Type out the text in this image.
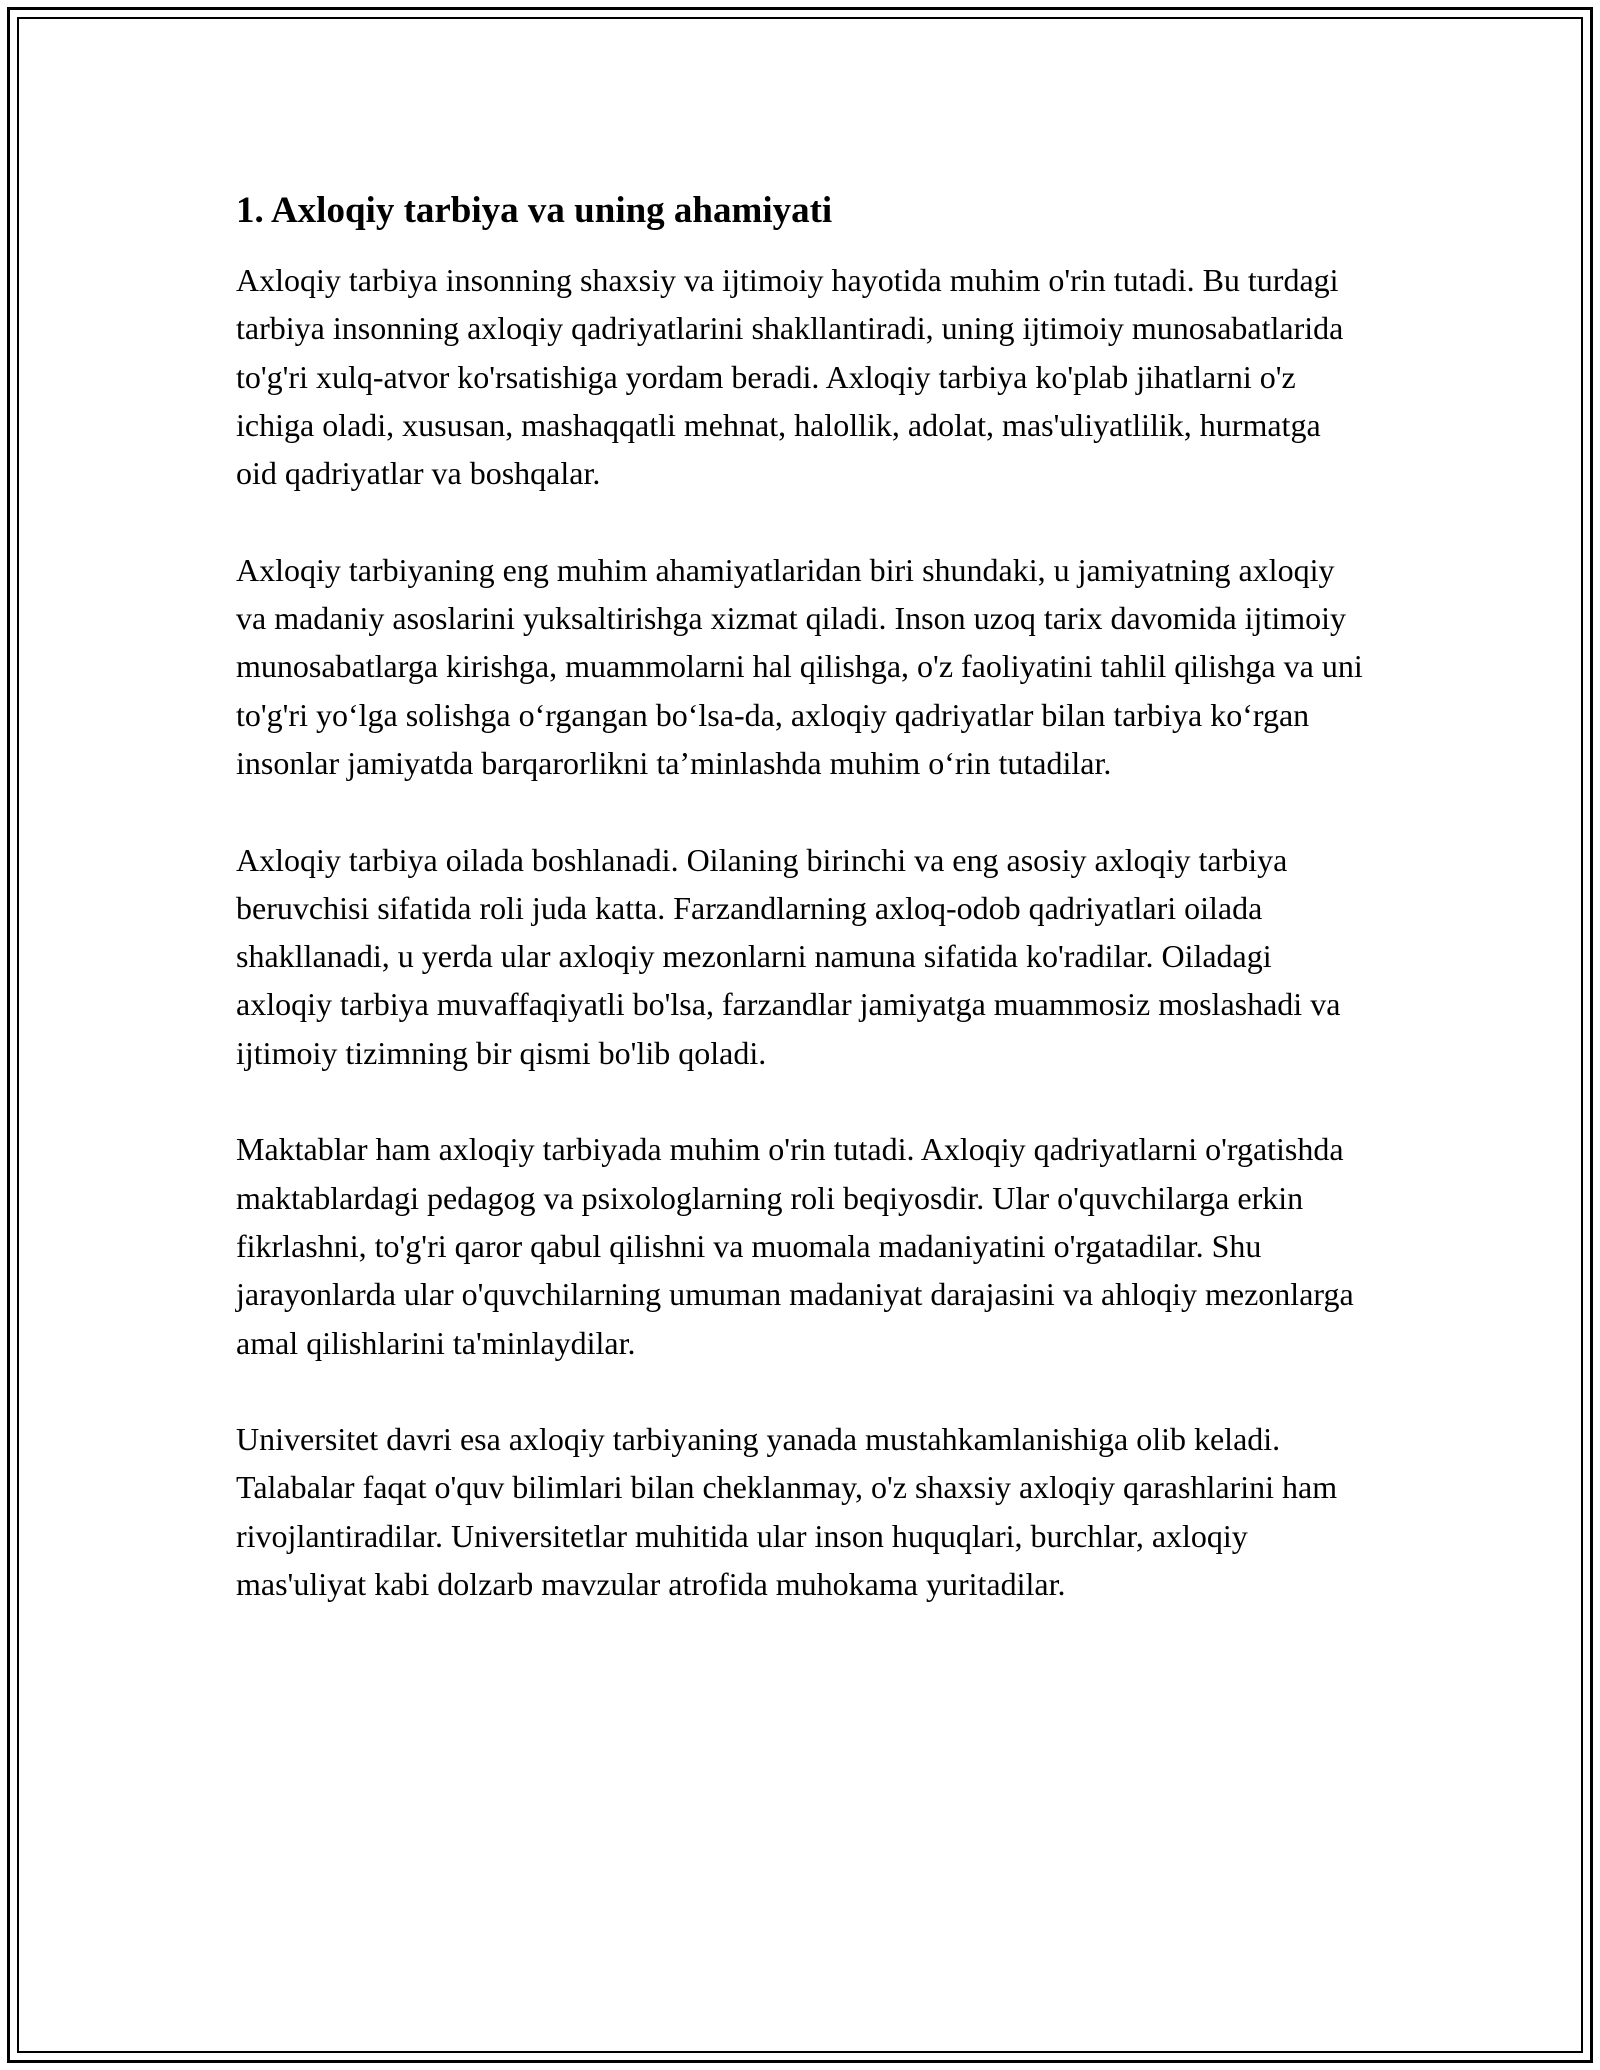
1. Axloqiy tarbiya va uning ahamiyati

Axloqiy tarbiya insonning shaxsiy va ijtimoiy hayotida muhim o'rin tutadi. Bu turdagi tarbiya insonning axloqiy qadriyatlarini shakllantiradi, uning ijtimoiy munosabatlarida to'g'ri xulq-atvor ko'rsatishiga yordam beradi. Axloqiy tarbiya ko'plab jihatlarni o'z ichiga oladi, xususan, mashaqqatli mehnat, halollik, adolat, mas'uliyatlilik, hurmatga oid qadriyatlar va boshqalar.

Axloqiy tarbiyaning eng muhim ahamiyatlaridan biri shundaki, u jamiyatning axloqiy va madaniy asoslarini yuksaltirishga xizmat qiladi. Inson uzoq tarix davomida ijtimoiy munosabatlarga kirishga, muammolarni hal qilishga, o'z faoliyatini tahlil qilishga va uni to'g'ri yo‘lga solishga o‘rgangan bo‘lsa-da, axloqiy qadriyatlar bilan tarbiya ko‘rgan insonlar jamiyatda barqarorlikni ta’minlashda muhim o‘rin tutadilar.

Axloqiy tarbiya oilada boshlanadi. Oilaning birinchi va eng asosiy axloqiy tarbiya beruvchisi sifatida roli juda katta. Farzandlarning axloq-odob qadriyatlari oilada shakllanadi, u yerda ular axloqiy mezonlarni namuna sifatida ko'radilar. Oiladagi axloqiy tarbiya muvaffaqiyatli bo'lsa, farzandlar jamiyatga muammosiz moslashadi va ijtimoiy tizimning bir qismi bo'lib qoladi.

Maktablar ham axloqiy tarbiyada muhim o'rin tutadi. Axloqiy qadriyatlarni o'rgatishda maktablardagi pedagog va psixologlarning roli beqiyosdir. Ular o'quvchilarga erkin fikrlashni, to'g'ri qaror qabul qilishni va muomala madaniyatini o'rgatadilar. Shu jarayonlarda ular o'quvchilarning umuman madaniyat darajasini va ahloqiy mezonlarga amal qilishlarini ta'minlaydilar.

Universitet davri esa axloqiy tarbiyaning yanada mustahkamlanishiga olib keladi. Talabalar faqat o'quv bilimlari bilan cheklanmay, o'z shaxsiy axloqiy qarashlarini ham rivojlantiradilar. Universitetlar muhitida ular inson huquqlari, burchlar, axloqiy mas'uliyat kabi dolzarb mavzular atrofida muhokama yuritadilar.
